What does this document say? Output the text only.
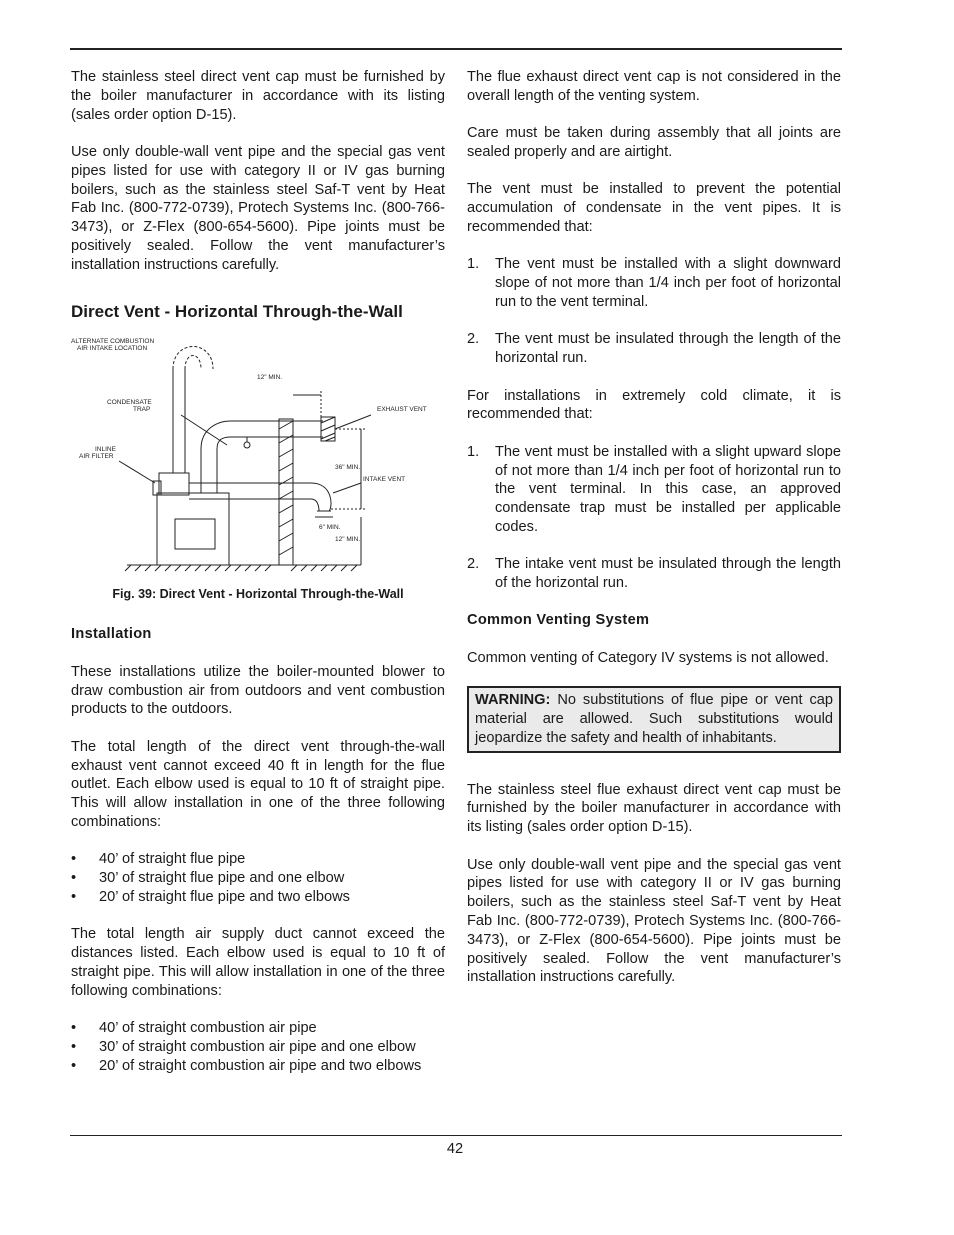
The stainless steel direct vent cap must be furnished by the boiler manufacturer in accordance with its listing (sales order option D-15).

Use only double-wall vent pipe and the special gas vent pipes listed for use with category II or IV gas burning boilers, such as the stainless steel Saf-T vent by Heat Fab Inc. (800-772-0739), Protech Systems Inc. (800-766-3473), or Z-Flex (800-654-5600). Pipe joints must be positively sealed. Follow the vent manufacturer’s installation instructions carefully.

Direct Vent - Horizontal Through-the-Wall
ALTERNATE COMBUSTION
AIR INTAKE LOCATION
CONDENSATE
TRAP
INLINE
AIR FILTER
EXHAUST VENT
INTAKE VENT
12" MIN.
36" MIN.
6" MIN.
12" MIN.
Fig. 39: Direct Vent - Horizontal Through-the-Wall
Installation

These installations utilize the boiler-mounted blower to draw combustion air from outdoors and vent combustion products to the outdoors.

The total length of the direct vent through-the-wall exhaust vent cannot exceed 40 ft in length for the flue outlet. Each elbow used is equal to 10 ft of straight pipe. This will allow installation in one of the three following combinations:

• 40’ of straight flue pipe
• 30’ of straight flue pipe and one elbow
• 20’ of straight flue pipe and two elbows

The total length air supply duct cannot exceed the distances listed. Each elbow used is equal to 10 ft of straight pipe. This will allow installation in one of the three following combinations:

• 40’ of straight combustion air pipe
• 30’ of straight combustion air pipe and one elbow
• 20’ of straight combustion air pipe and two elbows

The flue exhaust direct vent cap is not considered in the overall length of the venting system.

Care must be taken during assembly that all joints are sealed properly and are airtight.

The vent must be installed to prevent the potential accumulation of condensate in the vent pipes. It is recommended that:

1. The vent must be installed with a slight downward slope of not more than 1/4 inch per foot of horizontal run to the vent terminal.
2. The vent must be insulated through the length of the horizontal run.

For installations in extremely cold climate, it is recommended that:

1. The vent must be installed with a slight upward slope of not more than 1/4 inch per foot of horizontal run to the vent terminal. In this case, an approved condensate trap must be installed per applicable codes.
2. The intake vent must be insulated through the length of the horizontal run.
Common Venting System

Common venting of Category IV systems is not allowed.

WARNING: No substitutions of flue pipe or vent cap material are allowed. Such substitutions would jeopardize the safety and health of inhabitants.

The stainless steel flue exhaust direct vent cap must be furnished by the boiler manufacturer in accordance with its listing (sales order option D-15).

Use only double-wall vent pipe and the special gas vent pipes listed for use with category II or IV gas burning boilers, such as the stainless steel Saf-T vent by Heat Fab Inc. (800-772-0739), Protech Systems Inc. (800-766-3473), or Z-Flex (800-654-5600). Pipe joints must be positively sealed. Follow the vent manufacturer’s installation instructions carefully.

42
